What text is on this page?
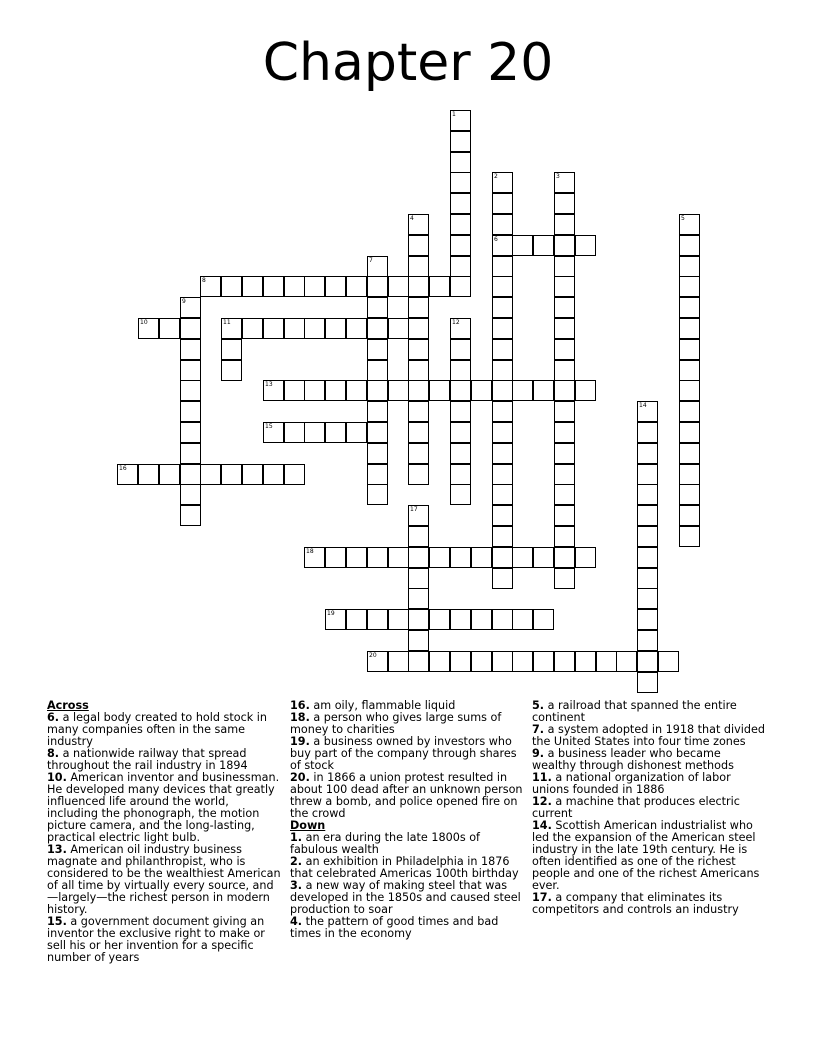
Chapter 20
1
2
6
3
4	5
7
8
9
10	11	12
13
14
15
16
17
18
19
20
Across
6. a legal body created to hold stock in many companies often in the same industry
8. a nationwide railway that spread throughout the rail industry in 1894
10. American inventor and businessman. He developed many devices that greatly influenced life around the world, including the phonograph, the motion picture camera, and the long-lasting, practical electric light bulb.
13. American oil industry business magnate and philanthropist, who is considered to be the wealthiest American of all time by virtually every source, and—largely—the richest person in modern history.
15. a government document giving an inventor the exclusive right to make or sell his or her invention for a specific number of years
16. am oily, flammable liquid
18. a person who gives large sums of money to charities
19. a business owned by investors who buy part of the company through shares of stock
20. in 1866 a union protest resulted in about 100 dead after an unknown person threw a bomb, and police opened fire on the crowd
Down
1. an era during the late 1800s of fabulous wealth
2. an exhibition in Philadelphia in 1876 that celebrated Americas 100th birthday
3. a new way of making steel that was developed in the 1850s and caused steel production to soar
4. the pattern of good times and bad times in the economy
5. a railroad that spanned the entire continent
7. a system adopted in 1918 that divided the United States into four time zones
9. a business leader who became wealthy through dishonest methods
11. a national organization of labor unions founded in 1886
12. a machine that produces electric current
14. Scottish American industrialist who led the expansion of the American steel industry in the late 19th century. He is often identified as one of the richest people and one of the richest Americans ever.
17. a company that eliminates its competitors and controls an industry
